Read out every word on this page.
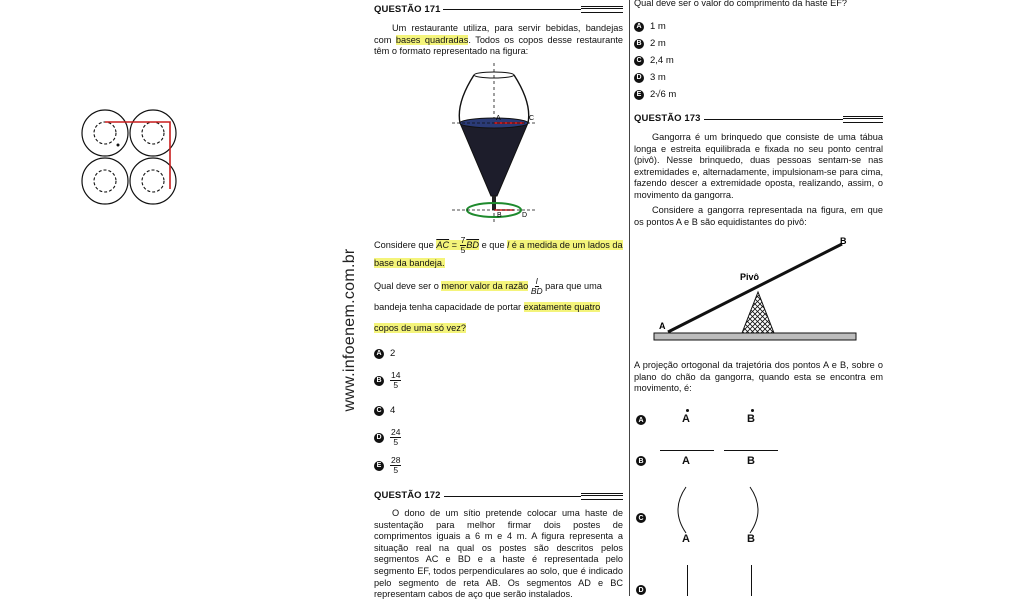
www.infoenem.com.br
QUESTÃO 171
Um restaurante utiliza, para servir bebidas, bandejas com bases quadradas. Todos os copos desse restaurante têm o formato representado na figura:
A	C
B	D
Considere que $\overline{AC} = \frac{7}{5} \overline{BD}$ e que l é a medida de um lados da base da bandeja.
Qual deve ser o menor valor da razão $\frac{l}{BD}$ para que uma bandeja tenha capacidade de portar exatamente quatro copos de uma só vez?
A 2
B $\frac{14}{5}$
C 4
D $\frac{24}{5}$
E	$\frac{28}{5}$
QUESTÃO 172
O dono de um sítio pretende colocar uma haste de sustentação para melhor firmar dois postes de comprimentos iguais a 6 m e 4 m. A figura representa a situação real na qual os postes são descritos pelos segmentos AC e BD e a haste é representada pelo segmento EF, todos perpendiculares ao solo, que é indicado pelo segmento de reta AB. Os segmentos AD e BC representam cabos de aço que serão instalados.
Qual deve ser o valor do comprimento da haste EF?
A 1 m
B 2 m
C 2,4 m
D 3 m
E 2√6 m
QUESTÃO 173
Gangorra é um brinquedo que consiste de uma tábua longa e estreita equilibrada e fixada no seu ponto central (pivô). Nesse brinquedo, duas pessoas sentam-se nas extremidades e, alternadamente, impulsionam-se para cima, fazendo descer a extremidade oposta, realizando, assim, o movimento da gangorra.
Considere a gangorra representada na figura, em que os pontos A e B são equidistantes do pivô:
A
B
Pivô
A projeção ortogonal da trajetória dos pontos A e B, sobre o plano do chão da gangorra, quando esta se encontra em movimento, é:
A	A	B
B	A	B
C
A	B
D
